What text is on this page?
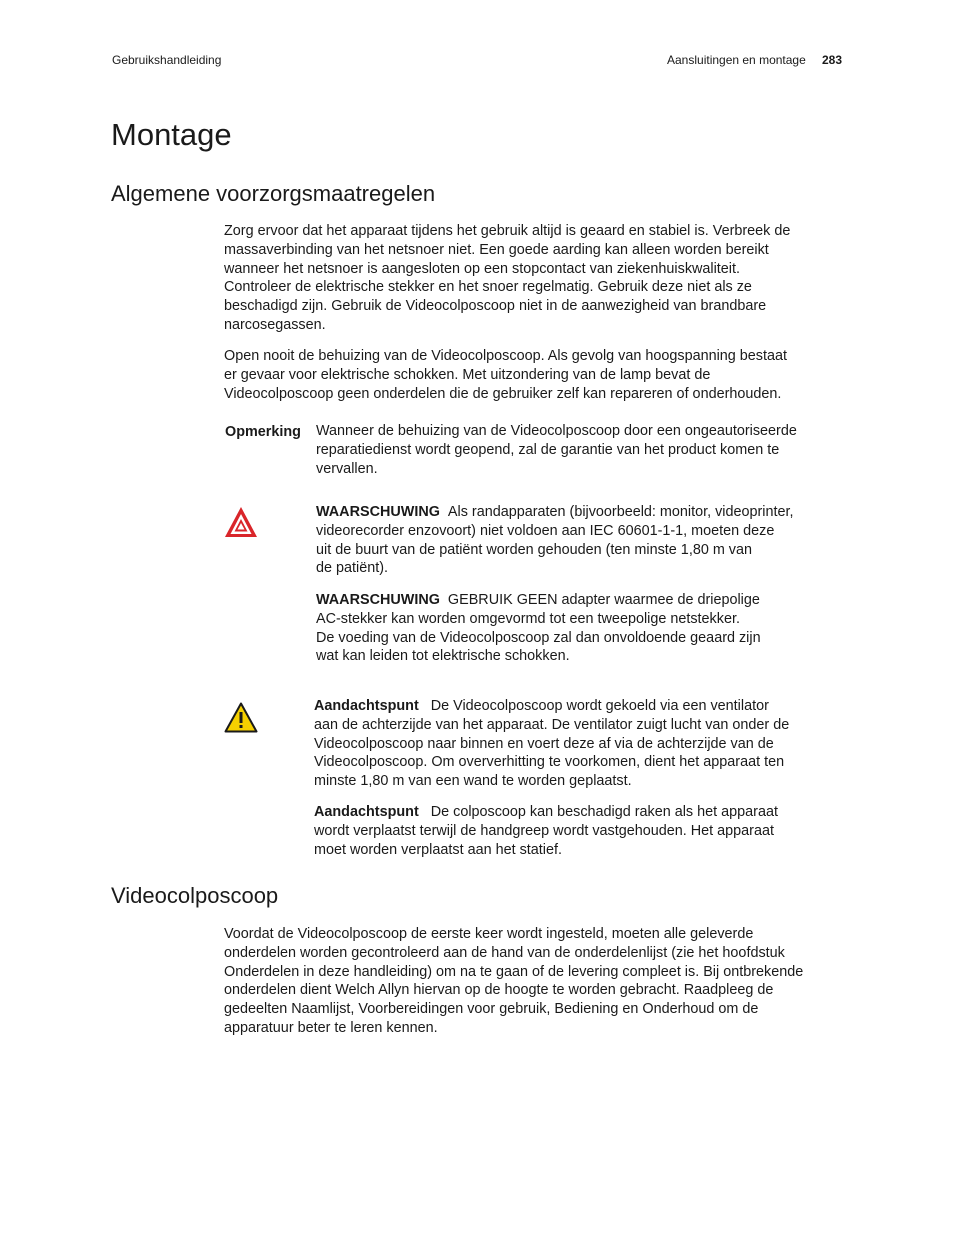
Gebruikshandleiding	Aansluitingen en montage 283
Montage
Algemene voorzorgsmaatregelen
Zorg ervoor dat het apparaat tijdens het gebruik altijd is geaard en stabiel is. Verbreek de
massaverbinding van het netsnoer niet. Een goede aarding kan alleen worden bereikt
wanneer het netsnoer is aangesloten op een stopcontact van ziekenhuiskwaliteit.
Controleer de elektrische stekker en het snoer regelmatig. Gebruik deze niet als ze
beschadigd zijn. Gebruik de Videocolposcoop niet in de aanwezigheid van brandbare
narcosegassen.
Open nooit de behuizing van de Videocolposcoop. Als gevolg van hoogspanning bestaat
er gevaar voor elektrische schokken. Met uitzondering van de lamp bevat de
Videocolposcoop geen onderdelen die de gebruiker zelf kan repareren of onderhouden.
Opmerking Wanneer de behuizing van de Videocolposcoop door een ongeautoriseerde
reparatiedienst wordt geopend, zal de garantie van het product komen te
vervallen.
WAARSCHUWING Als randapparaten (bijvoorbeeld: monitor, videoprinter,
videorecorder enzovoort) niet voldoen aan IEC 60601-1-1, moeten deze
uit de buurt van de patiënt worden gehouden (ten minste 1,80 m van
de patiënt).
WAARSCHUWING GEBRUIK GEEN adapter waarmee de driepolige
AC-stekker kan worden omgevormd tot een tweepolige netstekker.
De voeding van de Videocolposcoop zal dan onvoldoende geaard zijn
wat kan leiden tot elektrische schokken.
Aandachtspunt De Videocolposcoop wordt gekoeld via een ventilator
aan de achterzijde van het apparaat. De ventilator zuigt lucht van onder de
Videocolposcoop naar binnen en voert deze af via de achterzijde van de
Videocolposcoop. Om oververhitting te voorkomen, dient het apparaat ten
minste 1,80 m van een wand te worden geplaatst.
Aandachtspunt De colposcoop kan beschadigd raken als het apparaat
wordt verplaatst terwijl de handgreep wordt vastgehouden. Het apparaat
moet worden verplaatst aan het statief.
Videocolposcoop
Voordat de Videocolposcoop de eerste keer wordt ingesteld, moeten alle geleverde
onderdelen worden gecontroleerd aan de hand van de onderdelenlijst (zie het hoofdstuk
Onderdelen in deze handleiding) om na te gaan of de levering compleet is. Bij ontbrekende
onderdelen dient Welch Allyn hiervan op de hoogte te worden gebracht. Raadpleeg de
gedeelten Naamlijst, Voorbereidingen voor gebruik, Bediening en Onderhoud om de
apparatuur beter te leren kennen.
